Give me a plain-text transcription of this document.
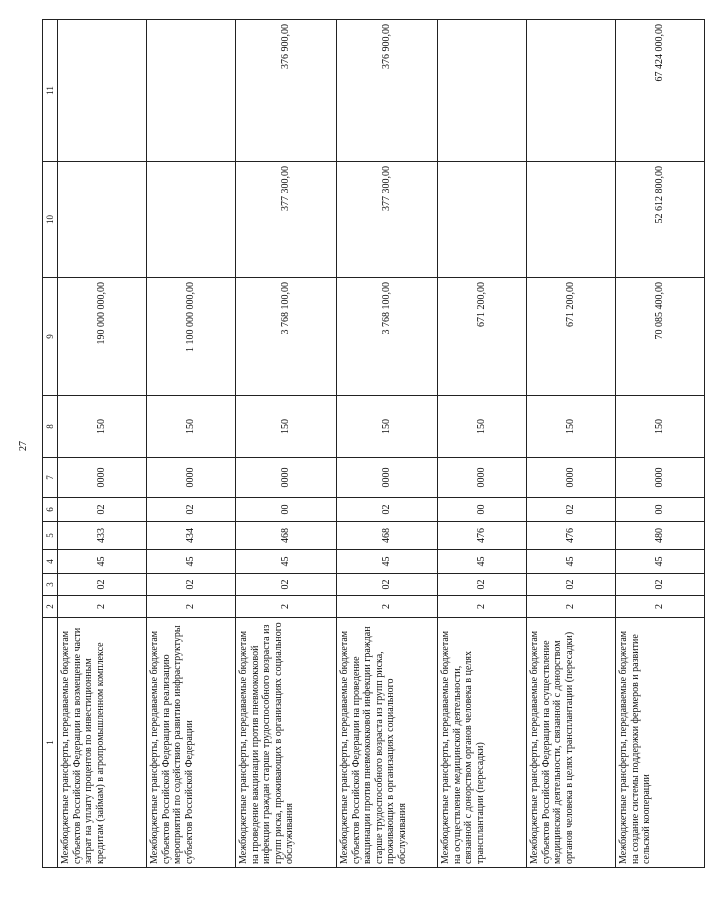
27
1	2	3	4	5	6	7	8	9	10	11
Межбюджетные трансферты, передаваемые бюджетам субъектов Российской Федерации на возмещение части затрат на уплату процентов по инвестиционным кредитам (займам) в агропромышленном комплексе	2	02	45	433	02	0000	150	190 000 000,00		
Межбюджетные трансферты, передаваемые бюджетам субъектов Российской Федерации на реализацию мероприятий по содействию развитию инфраструктуры субъектов Российской Федерации	2	02	45	434	02	0000	150	1 100 000 000,00		
Межбюджетные трансферты, передаваемые бюджетам на проведение вакцинации против пневмококковой инфекции граждан старше трудоспособного возраста из групп риска, проживающих в организациях социального обслуживания	2	02	45	468	00	0000	150	3 768 100,00	377 300,00	376 900,00
Межбюджетные трансферты, передаваемые бюджетам субъектов Российской Федерации на проведение вакцинации против пневмококковой инфекции граждан старше трудоспособного возраста из групп риска, проживающих в организациях социального обслуживания	2	02	45	468	02	0000	150	3 768 100,00	377 300,00	376 900,00
Межбюджетные трансферты, передаваемые бюджетам на осуществление медицинской деятельности, связанной с донорством органов человека в целях трансплантации (пересадки)	2	02	45	476	00	0000	150	671 200,00		
Межбюджетные трансферты, передаваемые бюджетам субъектов Российской Федерации на осуществление медицинской деятельности, связанной с донорством органов человека в целях трансплантации (пересадки)	2	02	45	476	02	0000	150	671 200,00		
Межбюджетные трансферты, передаваемые бюджетам на создание системы поддержки фермеров и развитие сельской кооперации	2	02	45	480	00	0000	150	70 085 400,00	52 612 800,00	67 424 000,00
